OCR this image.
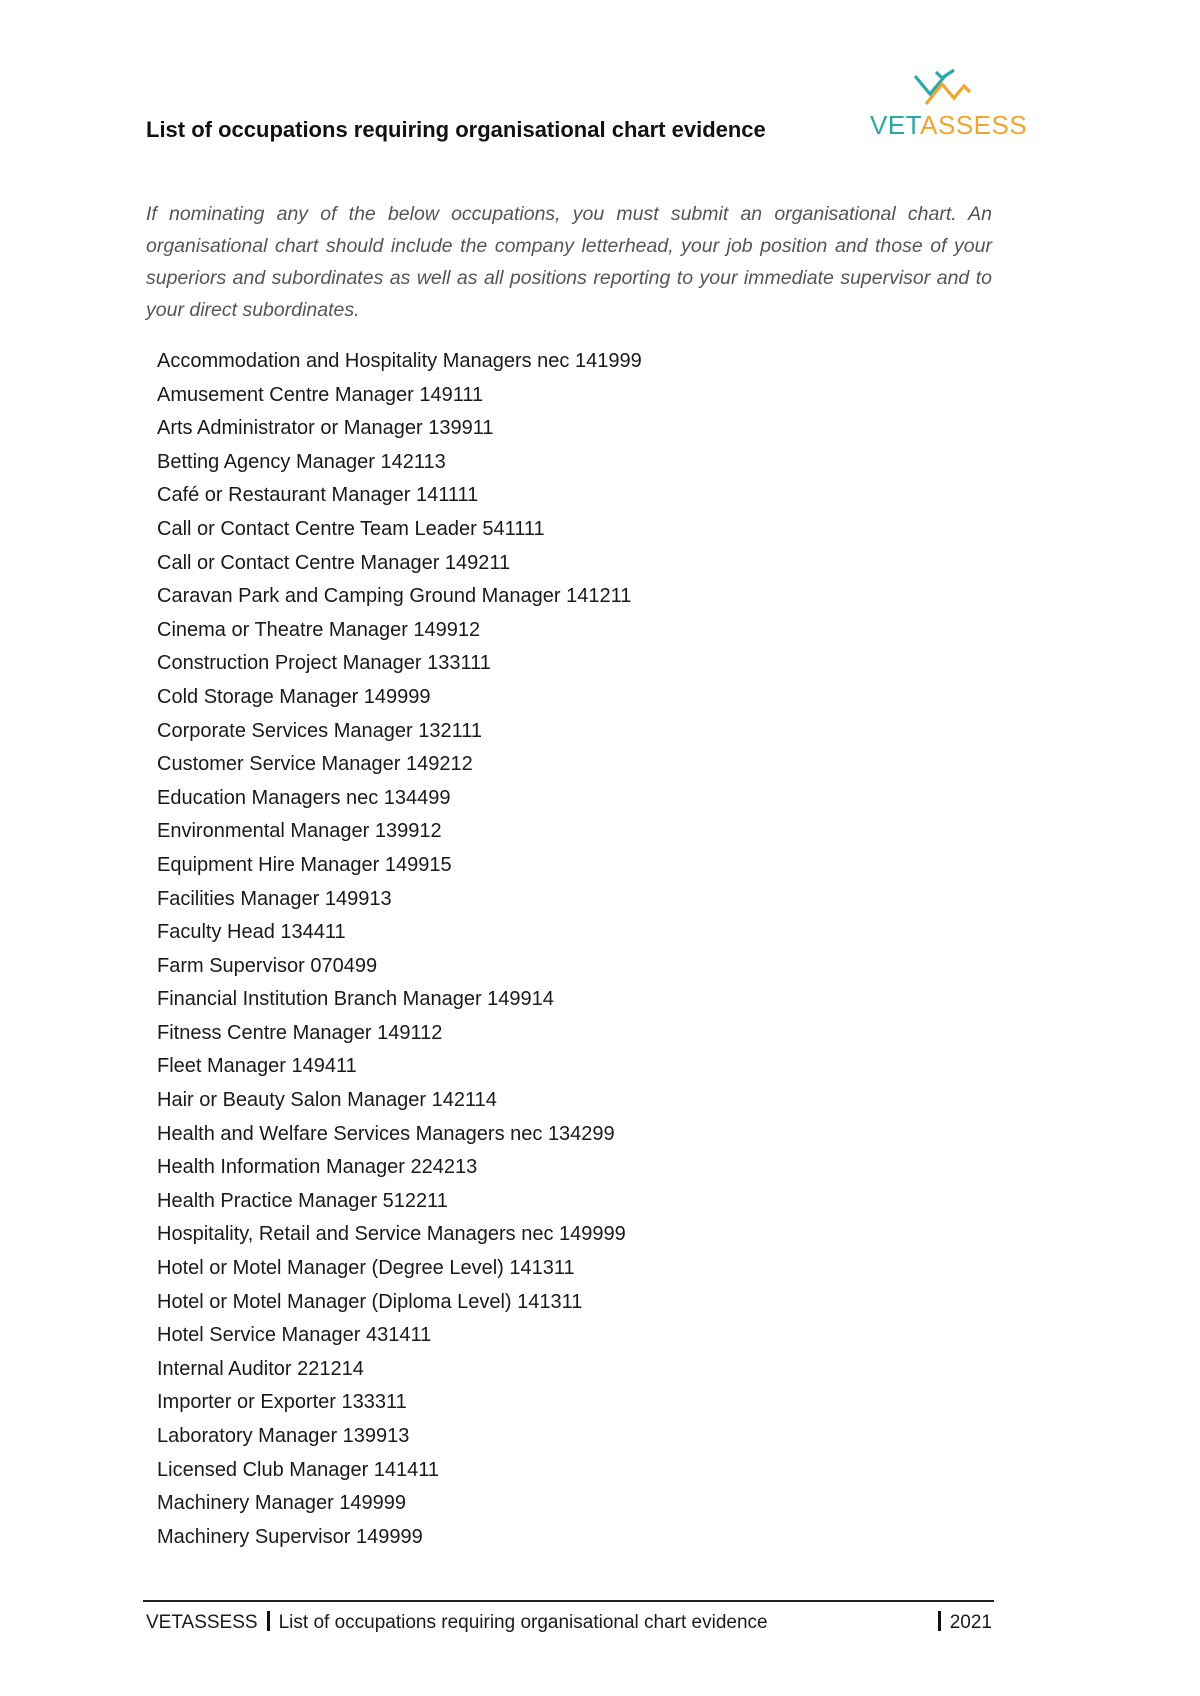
VETASSESS
List of occupations requiring organisational chart evidence

If nominating any of the below occupations, you must submit an organisational chart. An organisational chart should include the company letterhead, your job position and those of your superiors and subordinates as well as all positions reporting to your immediate supervisor and to your direct subordinates.

Accommodation and Hospitality Managers nec 141999
Amusement Centre Manager 149111
Arts Administrator or Manager 139911
Betting Agency Manager 142113
Café or Restaurant Manager 141111
Call or Contact Centre Team Leader 541111
Call or Contact Centre Manager 149211
Caravan Park and Camping Ground Manager 141211
Cinema or Theatre Manager 149912
Construction Project Manager 133111
Cold Storage Manager 149999
Corporate Services Manager 132111
Customer Service Manager 149212
Education Managers nec 134499
Environmental Manager 139912
Equipment Hire Manager 149915
Facilities Manager 149913
Faculty Head 134411
Farm Supervisor 070499
Financial Institution Branch Manager 149914
Fitness Centre Manager 149112
Fleet Manager 149411
Hair or Beauty Salon Manager 142114
Health and Welfare Services Managers nec 134299
Health Information Manager 224213
Health Practice Manager 512211
Hospitality, Retail and Service Managers nec 149999
Hotel or Motel Manager (Degree Level) 141311
Hotel or Motel Manager (Diploma Level) 141311
Hotel Service Manager 431411
Internal Auditor 221214
Importer or Exporter 133311
Laboratory Manager 139913
Licensed Club Manager 141411
Machinery Manager 149999
Machinery Supervisor 149999
VETASSESS List of occupations requiring organisational chart evidence	2021
